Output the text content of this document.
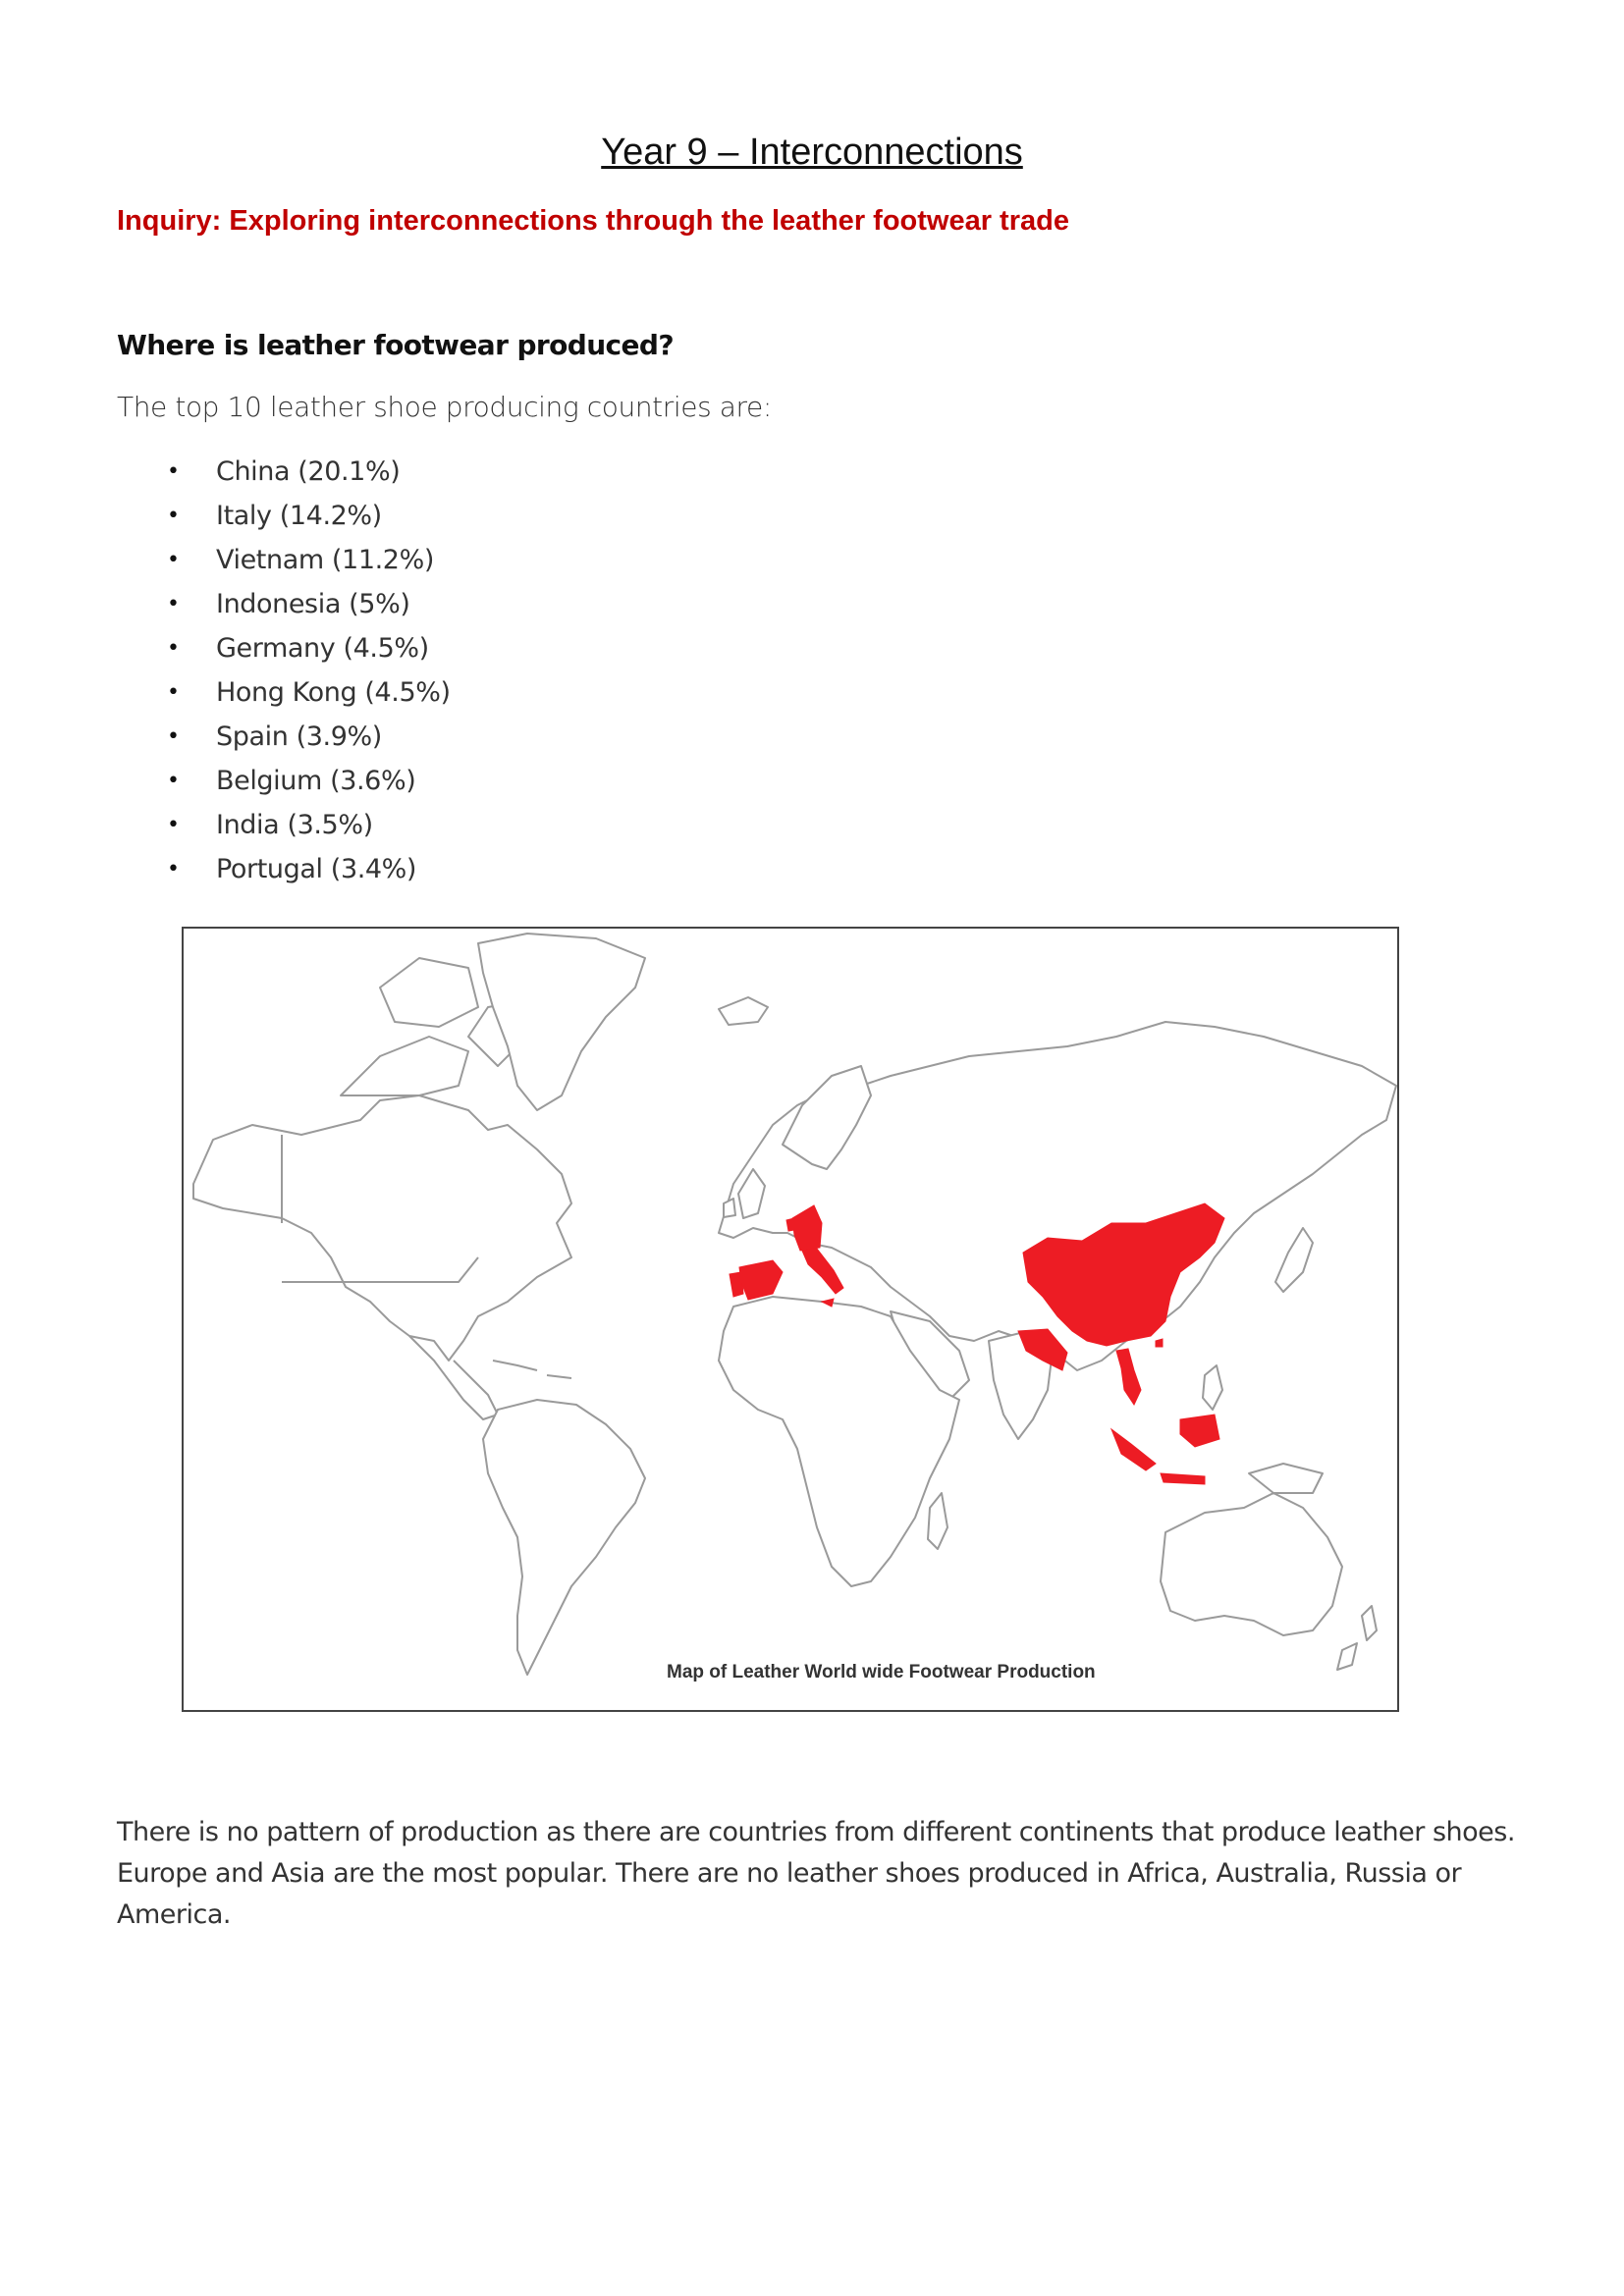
Year 9 – Interconnections
Inquiry: Exploring interconnections through the leather footwear trade
Where is leather footwear produced?

The top 10 leather shoe producing countries are:

• China (20.1%)
• Italy (14.2%)
• Vietnam (11.2%)
• Indonesia (5%)
• Germany (4.5%)
• Hong Kong (4.5%)
• Spain (3.9%)
• Belgium (3.6%)
• India (3.5%)
• Portugal (3.4%)
Map of Leather World wide Footwear Production

There is no pattern of production as there are countries from different continents that produce leather shoes. Europe and Asia are the most popular. There are no leather shoes produced in Africa, Australia, Russia or America.
